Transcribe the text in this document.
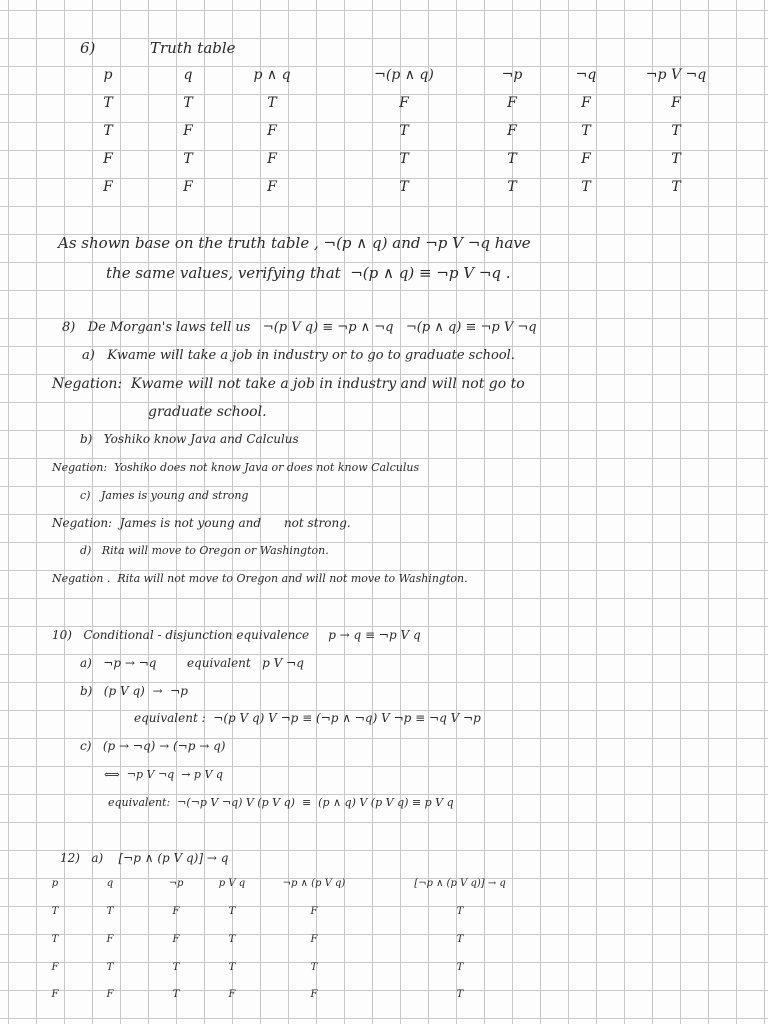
6)	Truth table
p	q	p ∧ q	¬(p ∧ q)	¬p	¬q	¬p V ¬q
T	T	T	F	F	F	F
T	F	F	T	F	T	T
F	T	F	T	T	F	T
F	F	F	T	T	T	T
As shown base on the truth table , ¬(p ∧ q) and ¬p V ¬q have
the same values, verifying that  ¬(p ∧ q) ≡ ¬p V ¬q .
8)   De Morgan's laws tell us   ¬(p V q) ≡ ¬p ∧ ¬q   ¬(p ∧ q) ≡ ¬p V ¬q
a)   Kwame will take a job in industry or to go to graduate school.
Negation:  Kwame will not take a job in industry and will not go to
graduate school.
b)   Yoshiko know Java and Calculus
Negation:  Yoshiko does not know Java or does not know Calculus
c)   James is young and strong
Negation:  James is not young and      not strong.
d)   Rita will move to Oregon or Washington.
Negation .  Rita will not move to Oregon and will not move to Washington.
10)   Conditional - disjunction equivalence     p → q ≡ ¬p V q
a)   ¬p → ¬q        equivalent   p V ¬q
b)   (p V q)  →  ¬p
equivalent :  ¬(p V q) V ¬p ≡ (¬p ∧ ¬q) V ¬p ≡ ¬q V ¬p
c)   (p → ¬q) → (¬p → q)
⟺  ¬p V ¬q  → p V q
equivalent:  ¬(¬p V ¬q) V (p V q)  ≡  (p ∧ q) V (p V q) ≡ p V q
12)   a)    [¬p ∧ (p V q)] → q
p	q	¬p	p V q	¬p ∧ (p V q)	[¬p ∧ (p V q)] → q
T	T	F	T	F	T
T	F	F	T	F	T
F	T	T	T	T	T
F	F	T	F	F	T
